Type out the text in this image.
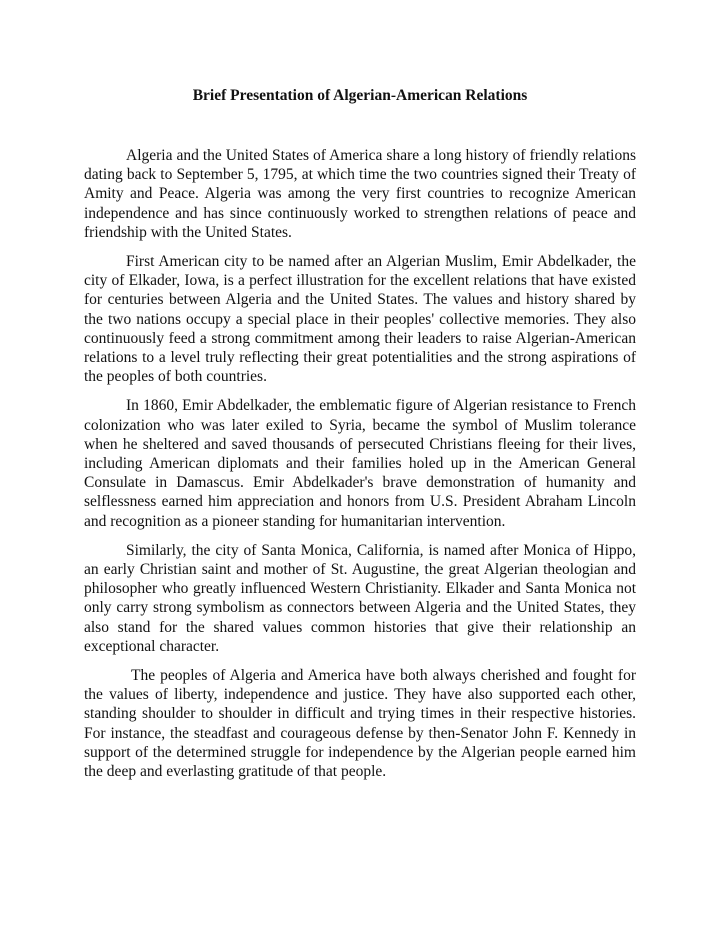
Brief Presentation of Algerian-American Relations

Algeria and the United States of America share a long history of friendly relations dating back to September 5, 1795, at which time the two countries signed their Treaty of Amity and Peace. Algeria was among the very first countries to recognize American independence and has since continuously worked to strengthen relations of peace and friendship with the United States.

First American city to be named after an Algerian Muslim, Emir Abdelkader, the city of Elkader, Iowa, is a perfect illustration for the excellent relations that have existed for centuries between Algeria and the United States. The values and history shared by the two nations occupy a special place in their peoples' collective memories. They also continuously feed a strong commitment among their leaders to raise Algerian-American relations to a level truly reflecting their great potentialities and the strong aspirations of the peoples of both countries.

In 1860, Emir Abdelkader, the emblematic figure of Algerian resistance to French colonization who was later exiled to Syria, became the symbol of Muslim tolerance when he sheltered and saved thousands of persecuted Christians fleeing for their lives, including American diplomats and their families holed up in the American General Consulate in Damascus. Emir Abdelkader's brave demonstration of humanity and selflessness earned him appreciation and honors from U.S. President Abraham Lincoln and recognition as a pioneer standing for humanitarian intervention.

Similarly, the city of Santa Monica, California, is named after Monica of Hippo, an early Christian saint and mother of St. Augustine, the great Algerian theologian and philosopher who greatly influenced Western Christianity. Elkader and Santa Monica not only carry strong symbolism as connectors between Algeria and the United States, they also stand for the shared values common histories that give their relationship an exceptional character.

The peoples of Algeria and America have both always cherished and fought for the values of liberty, independence and justice. They have also supported each other, standing shoulder to shoulder in difficult and trying times in their respective histories. For instance, the steadfast and courageous defense by then-Senator John F. Kennedy in support of the determined struggle for independence by the Algerian people earned him the deep and everlasting gratitude of that people.
